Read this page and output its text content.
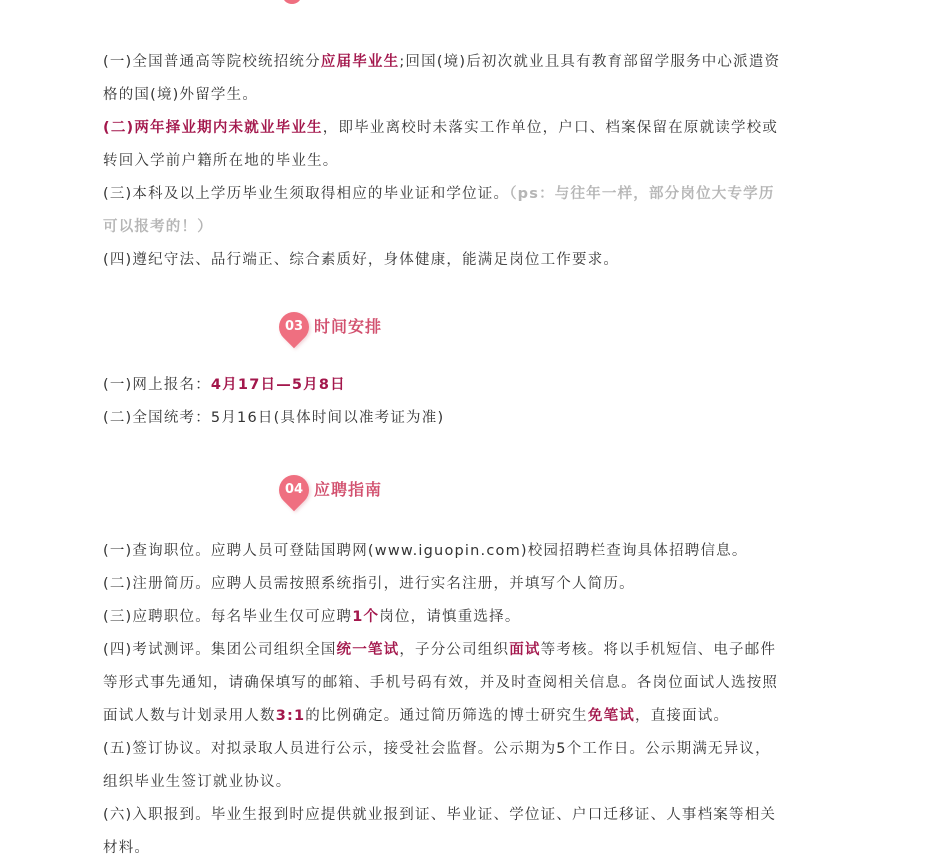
(一)全国普通高等院校统招统分应届毕业生;回国(境)后初次就业且具有教育部留学服务中心派遣资格的国(境)外留学生。

(二)两年择业期内未就业毕业生，即毕业离校时未落实工作单位，户口、档案保留在原就读学校或转回入学前户籍所在地的毕业生。

(三)本科及以上学历毕业生须取得相应的毕业证和学位证。（ps：与往年一样，部分岗位大专学历可以报考的！）

(四)遵纪守法、品行端正、综合素质好，身体健康，能满足岗位工作要求。

03 时间安排

(一)网上报名：4月17日—5月8日

(二)全国统考：5月16日(具体时间以准考证为准)

04 应聘指南

(一)查询职位。应聘人员可登陆国聘网(www.iguopin.com)校园招聘栏查询具体招聘信息。

(二)注册简历。应聘人员需按照系统指引，进行实名注册，并填写个人简历。

(三)应聘职位。每名毕业生仅可应聘1个岗位，请慎重选择。

(四)考试测评。集团公司组织全国统一笔试，子分公司组织面试等考核。将以手机短信、电子邮件等形式事先通知，请确保填写的邮箱、手机号码有效，并及时查阅相关信息。各岗位面试人选按照面试人数与计划录用人数3:1的比例确定。通过简历筛选的博士研究生免笔试，直接面试。

(五)签订协议。对拟录取人员进行公示，接受社会监督。公示期为5个工作日。公示期满无异议，组织毕业生签订就业协议。

(六)入职报到。毕业生报到时应提供就业报到证、毕业证、学位证、户口迁移证、人事档案等相关材料。
